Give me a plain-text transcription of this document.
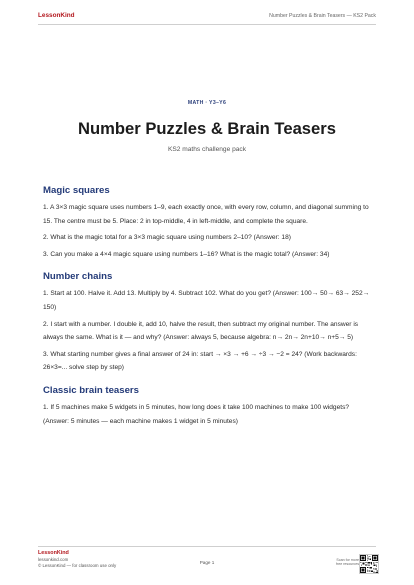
LessonKind	Number Puzzles & Brain Teasers — KS2 Pack
MATH · Y3–Y6
Number Puzzles & Brain Teasers
KS2 maths challenge pack
Magic squares

1. A 3×3 magic square uses numbers 1–9, each exactly once, with every row, column, and diagonal summing to 15. The centre must be 5. Place: 2 in top-middle, 4 in left-middle, and complete the square.

2. What is the magic total for a 3×3 magic square using numbers 2–10? (Answer: 18)

3. Can you make a 4×4 magic square using numbers 1–16? What is the magic total? (Answer: 34)

Number chains

1. Start at 100. Halve it. Add 13. Multiply by 4. Subtract 102. What do you get? (Answer: 100→ 50→ 63→ 252→ 150)

2. I start with a number. I double it, add 10, halve the result, then subtract my original number. The answer is always the same. What is it — and why? (Answer: always 5, because algebra: n→ 2n→ 2n+10→ n+5→ 5)

3. What starting number gives a final answer of 24 in: start → ×3 → +6 → ÷3 → −2 = 24? (Work backwards: 26×3=... solve step by step)

Classic brain teasers

1. If 5 machines make 5 widgets in 5 minutes, how long does it take 100 machines to make 100 widgets? (Answer: 5 minutes — each machine makes 1 widget in 5 minutes)

LessonKind
lessonkind.com
© LessonKind — for classroom use only
Page 1	Scan for more free resources
